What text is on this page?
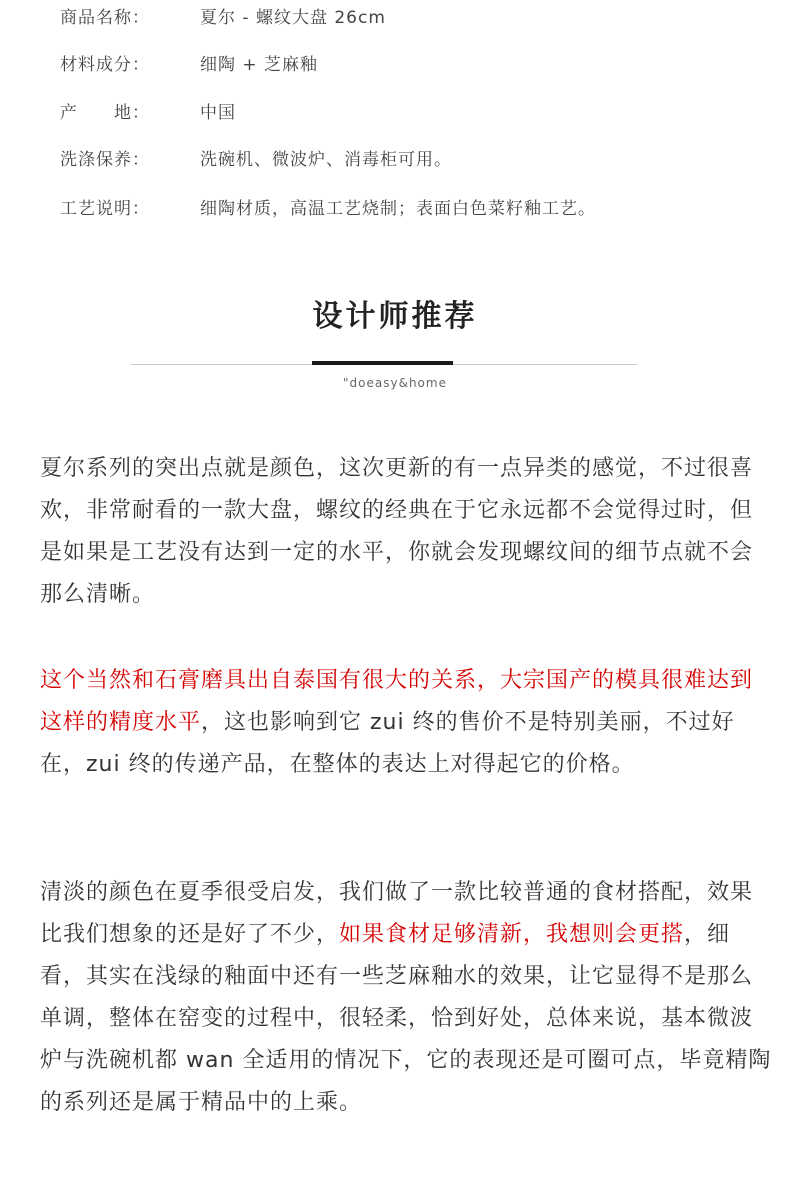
商品名称：	夏尔 - 螺纹大盘 26cm
材料成分：	细陶 + 芝麻釉
产　　地：	中国
洗涤保养：	洗碗机、微波炉、消毒柜可用。
工艺说明：	细陶材质，高温工艺烧制；表面白色菜籽釉工艺。
设计师推荐
"doeasy&home

夏尔系列的突出点就是颜色，这次更新的有一点异类的感觉，不过很喜欢，非常耐看的一款大盘，螺纹的经典在于它永远都不会觉得过时，但是如果是工艺没有达到一定的水平，你就会发现螺纹间的细节点就不会那么清晰。

这个当然和石膏磨具出自泰国有很大的关系，大宗国产的模具很难达到这样的精度水平，这也影响到它 zui 终的售价不是特别美丽，不过好在，zui 终的传递产品，在整体的表达上对得起它的价格。

清淡的颜色在夏季很受启发，我们做了一款比较普通的食材搭配，效果比我们想象的还是好了不少，如果食材足够清新，我想则会更搭，细看，其实在浅绿的釉面中还有一些芝麻釉水的效果，让它显得不是那么单调，整体在窑变的过程中，很轻柔，恰到好处，总体来说，基本微波炉与洗碗机都 wan 全适用的情况下，它的表现还是可圈可点，毕竟精陶的系列还是属于精品中的上乘。
